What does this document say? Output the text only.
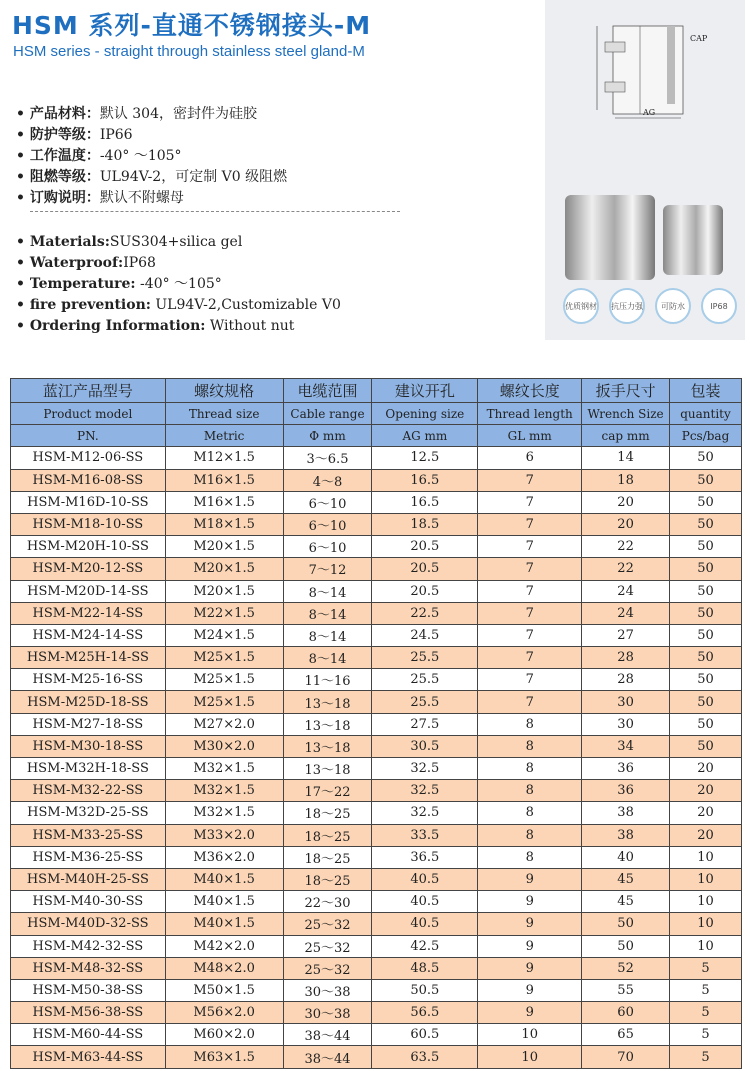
HSM 系列-直通不锈钢接头-M
HSM series - straight through stainless steel gland-M
• 产品材料：默认 304，密封件为硅胶
• 防护等级：IP66
• 工作温度：-40° ～105°
• 阻燃等级：UL94V-2，可定制 V0 级阻燃
• 订购说明：默认不附螺母
• Materials:SUS304+silica gel
• Waterproof:IP68
• Temperature: -40° ～105°
• fire prevention: UL94V-2,Customizable V0
• Ordering Information: Without nut
CAP
AG
优质钢材 抗压力强	可防水	IP68
蓝江产品型号	螺纹规格	电缆范围	建议开孔	螺纹长度	扳手尺寸	包装
Product model	Thread size	Cable range	Opening size	Thread length	Wrench Size	quantity
PN.	Metric	Φ mm	AG mm	GL mm	cap mm	Pcs/bag
HSM-M12-06-SS	M12×1.5	3～6.5	12.5	6	14	50
HSM-M16-08-SS	M16×1.5	4～8	16.5	7	18	50
HSM-M16D-10-SS	M16×1.5	6～10	16.5	7	20	50
HSM-M18-10-SS	M18×1.5	6～10	18.5	7	20	50
HSM-M20H-10-SS	M20×1.5	6～10	20.5	7	22	50
HSM-M20-12-SS	M20×1.5	7～12	20.5	7	22	50
HSM-M20D-14-SS	M20×1.5	8～14	20.5	7	24	50
HSM-M22-14-SS	M22×1.5	8～14	22.5	7	24	50
HSM-M24-14-SS	M24×1.5	8～14	24.5	7	27	50
HSM-M25H-14-SS	M25×1.5	8～14	25.5	7	28	50
HSM-M25-16-SS	M25×1.5	11～16	25.5	7	28	50
HSM-M25D-18-SS	M25×1.5	13～18	25.5	7	30	50
HSM-M27-18-SS	M27×2.0	13～18	27.5	8	30	50
HSM-M30-18-SS	M30×2.0	13～18	30.5	8	34	50
HSM-M32H-18-SS	M32×1.5	13～18	32.5	8	36	20
HSM-M32-22-SS	M32×1.5	17～22	32.5	8	36	20
HSM-M32D-25-SS	M32×1.5	18～25	32.5	8	38	20
HSM-M33-25-SS	M33×2.0	18～25	33.5	8	38	20
HSM-M36-25-SS	M36×2.0	18～25	36.5	8	40	10
HSM-M40H-25-SS	M40×1.5	18～25	40.5	9	45	10
HSM-M40-30-SS	M40×1.5	22～30	40.5	9	45	10
HSM-M40D-32-SS	M40×1.5	25～32	40.5	9	50	10
HSM-M42-32-SS	M42×2.0	25～32	42.5	9	50	10
HSM-M48-32-SS	M48×2.0	25～32	48.5	9	52	5
HSM-M50-38-SS	M50×1.5	30～38	50.5	9	55	5
HSM-M56-38-SS	M56×2.0	30～38	56.5	9	60	5
HSM-M60-44-SS	M60×2.0	38～44	60.5	10	65	5
HSM-M63-44-SS	M63×1.5	38～44	63.5	10	70	5
